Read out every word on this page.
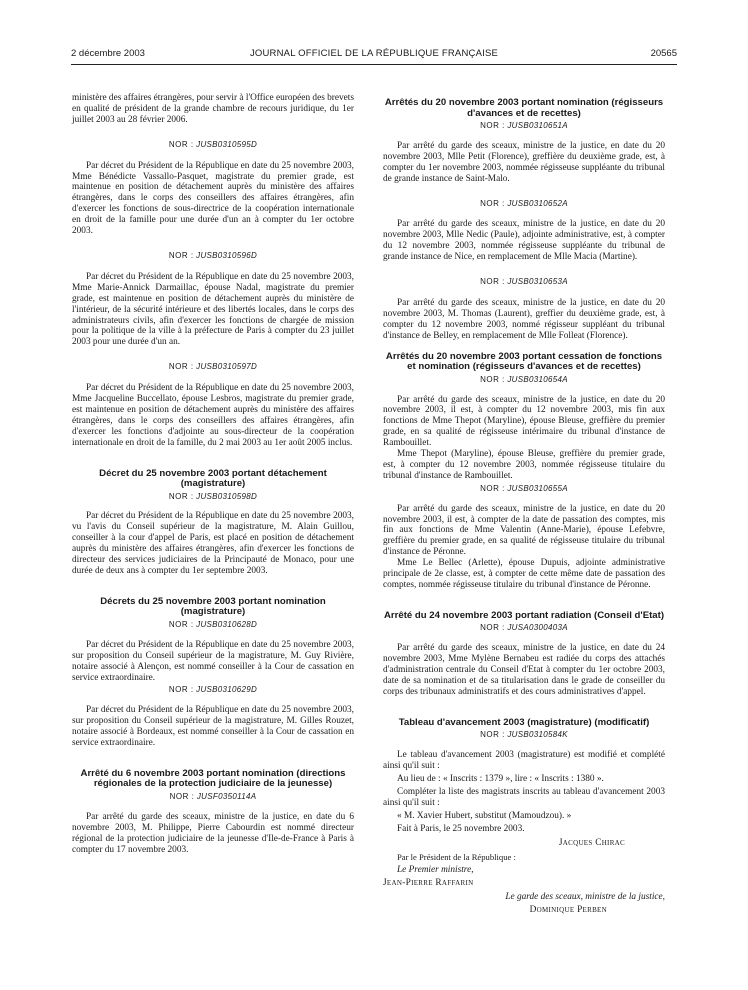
2 décembre 2003	JOURNAL OFFICIEL DE LA RÉPUBLIQUE FRANÇAISE	20565

ministère des affaires étrangères, pour servir à l'Office européen des brevets en qualité de président de la grande chambre de recours juridique, du 1er juillet 2003 au 28 février 2006.

NOR : JUSB0310595D

Par décret du Président de la République en date du 25 novembre 2003, Mme Bénédicte Vassallo-Pasquet, magistrate du premier grade, est maintenue en position de détachement auprès du ministère des affaires étrangères, dans le corps des conseillers des affaires étrangères, afin d'exercer les fonctions de sous-directrice de la coopération internationale en droit de la famille pour une durée d'un an à compter du 1er octobre 2003.

NOR : JUSB0310596D

Par décret du Président de la République en date du 25 novembre 2003, Mme Marie-Annick Darmaillac, épouse Nadal, magistrate du premier grade, est maintenue en position de détachement auprès du ministère de l'intérieur, de la sécurité intérieure et des libertés locales, dans le corps des administrateurs civils, afin d'exercer les fonctions de chargée de mission pour la politique de la ville à la préfecture de Paris à compter du 23 juillet 2003 pour une durée d'un an.

NOR : JUSB0310597D

Par décret du Président de la République en date du 25 novembre 2003, Mme Jacqueline Buccellato, épouse Lesbros, magistrate du premier grade, est maintenue en position de détachement auprès du ministère des affaires étrangères, dans le corps des conseillers des affaires étrangères, afin d'exercer les fonctions d'adjointe au sous-directeur de la coopération internationale en droit de la famille, du 2 mai 2003 au 1er août 2005 inclus.

Décret du 25 novembre 2003 portant détachement (magistrature)
NOR : JUSB0310598D

Par décret du Président de la République en date du 25 novembre 2003, vu l'avis du Conseil supérieur de la magistrature, M. Alain Guillou, conseiller à la cour d'appel de Paris, est placé en position de détachement auprès du ministère des affaires étrangères, afin d'exercer les fonctions de directeur des services judiciaires de la Principauté de Monaco, pour une durée de deux ans à compter du 1er septembre 2003.

Décrets du 25 novembre 2003 portant nomination (magistrature)
NOR : JUSB0310628D

Par décret du Président de la République en date du 25 novembre 2003, sur proposition du Conseil supérieur de la magistrature, M. Guy Rivière, notaire associé à Alençon, est nommé conseiller à la Cour de cassation en service extraordinaire.

NOR : JUSB0310629D

Par décret du Président de la République en date du 25 novembre 2003, sur proposition du Conseil supérieur de la magistrature, M. Gilles Rouzet, notaire associé à Bordeaux, est nommé conseiller à la Cour de cassation en service extraordinaire.

Arrêté du 6 novembre 2003 portant nomination (directions régionales de la protection judiciaire de la jeunesse)
NOR : JUSF0350114A

Par arrêté du garde des sceaux, ministre de la justice, en date du 6 novembre 2003, M. Philippe, Pierre Cabourdin est nommé directeur régional de la protection judiciaire de la jeunesse d'Ile-de-France à Paris à compter du 17 novembre 2003.

Arrêtés du 20 novembre 2003 portant nomination (régisseurs d'avances et de recettes)
NOR : JUSB0310651A

Par arrêté du garde des sceaux, ministre de la justice, en date du 20 novembre 2003, Mlle Petit (Florence), greffière du deuxième grade, est, à compter du 1er novembre 2003, nommée régisseuse suppléante du tribunal de grande instance de Saint-Malo.

NOR : JUSB0310652A

Par arrêté du garde des sceaux, ministre de la justice, en date du 20 novembre 2003, Mlle Nedic (Paule), adjointe administrative, est, à compter du 12 novembre 2003, nommée régisseuse suppléante du tribunal de grande instance de Nice, en remplacement de Mlle Macia (Martine).

NOR : JUSB0310653A

Par arrêté du garde des sceaux, ministre de la justice, en date du 20 novembre 2003, M. Thomas (Laurent), greffier du deuxième grade, est, à compter du 12 novembre 2003, nommé régisseur suppléant du tribunal d'instance de Belley, en remplacement de Mlle Folleat (Florence).

Arrêtés du 20 novembre 2003 portant cessation de fonctions et nomination (régisseurs d'avances et de recettes)
NOR : JUSB0310654A

Par arrêté du garde des sceaux, ministre de la justice, en date du 20 novembre 2003, il est, à compter du 12 novembre 2003, mis fin aux fonctions de Mme Thepot (Maryline), épouse Bleuse, greffière du premier grade, en sa qualité de régisseuse intérimaire du tribunal d'instance de Rambouillet.

Mme Thepot (Maryline), épouse Bleuse, greffière du premier grade, est, à compter du 12 novembre 2003, nommée régisseuse titulaire du tribunal d'instance de Rambouillet.

NOR : JUSB0310655A

Par arrêté du garde des sceaux, ministre de la justice, en date du 20 novembre 2003, il est, à compter de la date de passation des comptes, mis fin aux fonctions de Mme Valentin (Anne-Marie), épouse Lefebvre, greffière du premier grade, en sa qualité de régisseuse titulaire du tribunal d'instance de Péronne.

Mme Le Bellec (Arlette), épouse Dupuis, adjointe administrative principale de 2e classe, est, à compter de cette même date de passation des comptes, nommée régisseuse titulaire du tribunal d'instance de Péronne.

Arrêté du 24 novembre 2003 portant radiation (Conseil d'Etat)
NOR : JUSA0300403A

Par arrêté du garde des sceaux, ministre de la justice, en date du 24 novembre 2003, Mme Mylène Bernabeu est radiée du corps des attachés d'administration centrale du Conseil d'Etat à compter du 1er octobre 2003, date de sa nomination et de sa titularisation dans le grade de conseiller du corps des tribunaux administratifs et des cours administratives d'appel.

Tableau d'avancement 2003 (magistrature) (modificatif)
NOR : JUSB0310584K

Le tableau d'avancement 2003 (magistrature) est modifié et complété ainsi qu'il suit :

Au lieu de : « Inscrits : 1379 », lire : « Inscrits : 1380 ».

Compléter la liste des magistrats inscrits au tableau d'avancement 2003 ainsi qu'il suit :

« M. Xavier Hubert, substitut (Mamoudzou). »

Fait à Paris, le 25 novembre 2003.

Jacques Chirac

Par le Président de la République :

Le Premier ministre,

Jean-Pierre Raffarin

Le garde des sceaux, ministre de la justice,

Dominique Perben
